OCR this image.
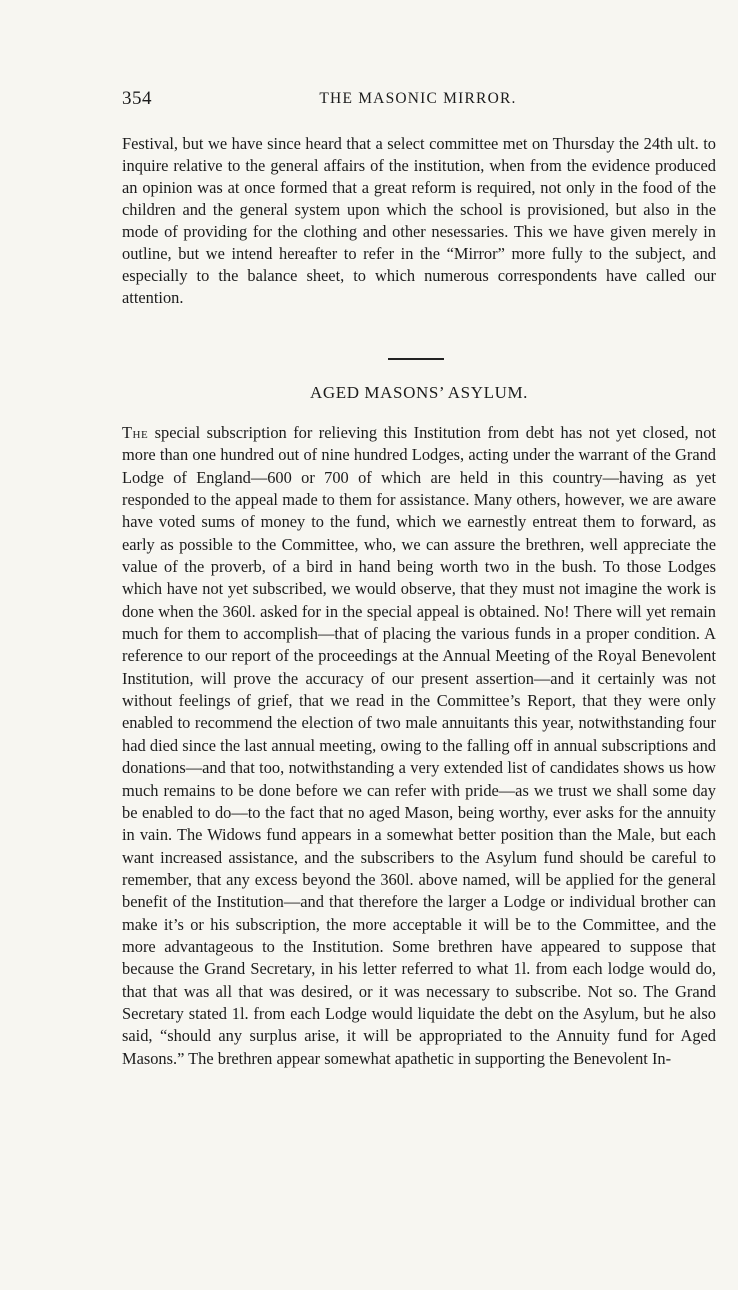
354	THE MASONIC MIRROR.

Festival, but we have since heard that a select committee met on Thursday the 24th ult. to inquire relative to the general affairs of the institution, when from the evidence produced an opinion was at once formed that a great reform is required, not only in the food of the children and the general system upon which the school is provisioned, but also in the mode of providing for the clothing and other nesessaries. This we have given merely in outline, but we intend hereafter to refer in the “Mirror” more fully to the subject, and especially to the balance sheet, to which numerous correspondents have called our attention.

AGED MASONS’ ASYLUM.

The special subscription for relieving this Institution from debt has not yet closed, not more than one hundred out of nine hundred Lodges, acting under the warrant of the Grand Lodge of England—600 or 700 of which are held in this country—having as yet responded to the appeal made to them for assistance. Many others, however, we are aware have voted sums of money to the fund, which we earnestly entreat them to forward, as early as possible to the Committee, who, we can assure the brethren, well appreciate the value of the proverb, of a bird in hand being worth two in the bush. To those Lodges which have not yet subscribed, we would observe, that they must not imagine the work is done when the 360l. asked for in the special appeal is obtained. No! There will yet remain much for them to accomplish—that of placing the various funds in a proper condition. A reference to our report of the proceedings at the Annual Meeting of the Royal Benevolent Institution, will prove the accuracy of our present assertion—and it certainly was not without feelings of grief, that we read in the Committee’s Report, that they were only enabled to recommend the election of two male annuitants this year, notwithstanding four had died since the last annual meeting, owing to the falling off in annual subscriptions and donations—and that too, notwithstanding a very extended list of candidates shows us how much remains to be done before we can refer with pride—as we trust we shall some day be enabled to do—to the fact that no aged Mason, being worthy, ever asks for the annuity in vain. The Widows fund appears in a somewhat better position than the Male, but each want increased assistance, and the subscribers to the Asylum fund should be careful to remember, that any excess beyond the 360l. above named, will be applied for the general benefit of the Institution—and that therefore the larger a Lodge or individual brother can make it’s or his subscription, the more acceptable it will be to the Committee, and the more advantageous to the Institution. Some brethren have appeared to suppose that because the Grand Secretary, in his letter referred to what 1l. from each lodge would do, that that was all that was desired, or it was necessary to subscribe. Not so. The Grand Secretary stated 1l. from each Lodge would liquidate the debt on the Asylum, but he also said, “should any surplus arise, it will be appropriated to the Annuity fund for Aged Masons.” The brethren appear somewhat apathetic in supporting the Benevolent In-
